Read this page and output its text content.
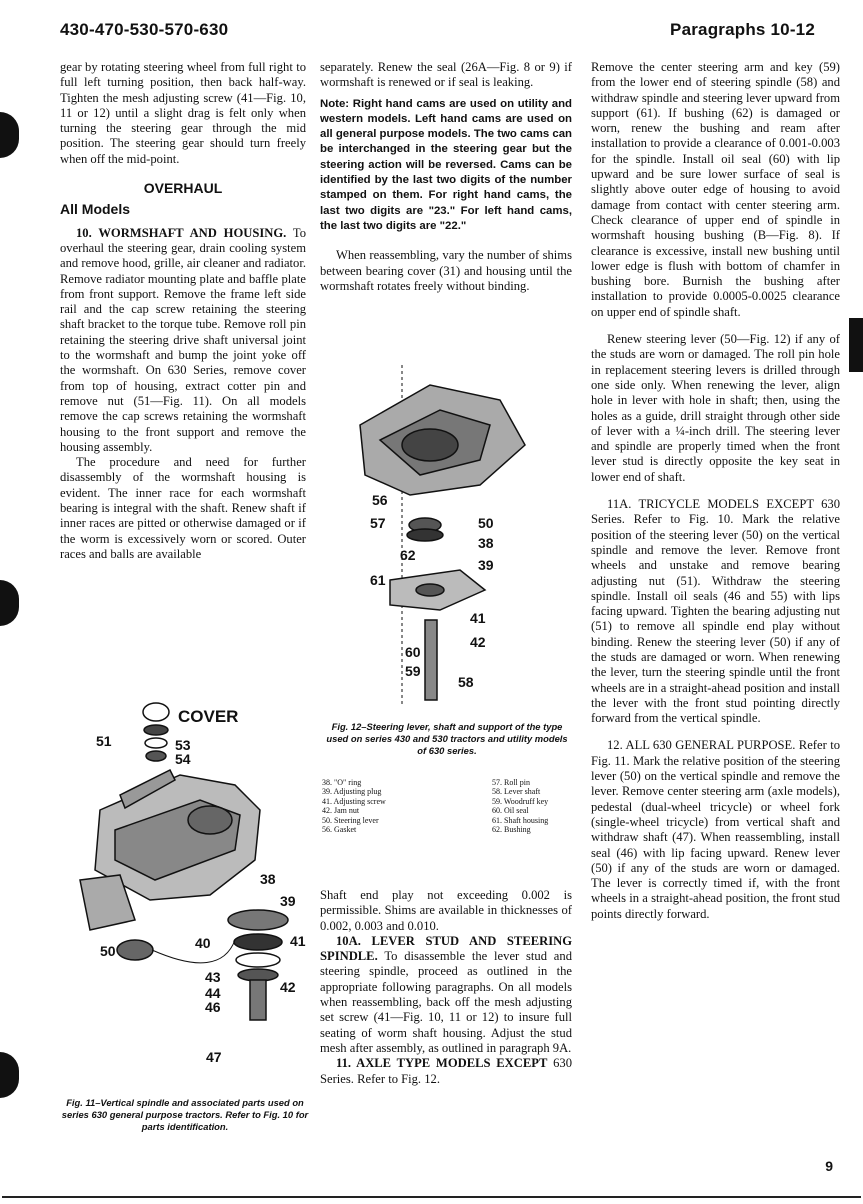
430-470-530-570-630	Paragraphs 10-12

gear by rotating steering wheel from full right to full left turning position, then back half-way. Tighten the mesh adjusting screw (41—Fig. 10, 11 or 12) until a slight drag is felt only when turning the steering gear through the mid position. The steering gear should turn freely when off the mid-point.

OVERHAUL
All Models

10. WORMSHAFT AND HOUSING. To overhaul the steering gear, drain cooling system and remove hood, grille, air cleaner and radiator. Remove radiator mounting plate and baffle plate from front support. Remove the frame left side rail and the cap screw retaining the steering shaft bracket to the torque tube. Remove roll pin retaining the steering drive shaft universal joint to the wormshaft and bump the joint yoke off the wormshaft. On 630 Series, remove cover from top of housing, extract cotter pin and remove nut (51—Fig. 11). On all models remove the cap screws retaining the wormshaft housing to the front support and remove the housing assembly.

The procedure and need for further disassembly of the wormshaft housing is evident. The inner race for each wormshaft bearing is integral with the shaft. Renew shaft if inner races are pitted or otherwise damaged or if the worm is excessively worn or scored. Outer races and balls are available

COVER
51	53
54
38
39
40	41
42
43
44
46
47
50
Fig. 11–Vertical spindle and associated parts used on series 630 general purpose tractors. Refer to Fig. 10 for parts identification.

separately. Renew the seal (26A—Fig. 8 or 9) if wormshaft is renewed or if seal is leaking.

Note: Right hand cams are used on utility and western models. Left hand cams are used on all general purpose models. The two cams can be interchanged in the steering gear but the steering action will be reversed. Cams can be identified by the last two digits of the number stamped on them. For right hand cams, the last two digits are "23." For left hand cams, the last two digits are "22."

When reassembling, vary the number of shims between bearing cover (31) and housing until the wormshaft rotates freely without binding.

56
57	50
38
62
39
61
41
42
60
59
58
Fig. 12–Steering lever, shaft and support of the type used on series 430 and 530 tractors and utility models of 630 series.
38. "O" ring
39. Adjusting plug
41. Adjusting screw
42. Jam nut
50. Steering lever
56. Gasket
57. Roll pin
58. Lever shaft
59. Woodruff key
60. Oil seal
61. Shaft housing
62. Bushing

Shaft end play not exceeding 0.002 is permissible. Shims are available in thicknesses of 0.002, 0.003 and 0.010.

10A. LEVER STUD AND STEERING SPINDLE. To disassemble the lever stud and steering spindle, proceed as outlined in the appropriate following paragraphs. On all models when reassembling, back off the mesh adjusting set screw (41—Fig. 10, 11 or 12) to insure full seating of worm shaft housing. Adjust the stud mesh after assembly, as outlined in paragraph 9A.

11. AXLE TYPE MODELS EXCEPT 630 Series. Refer to Fig. 12.

Remove the center steering arm and key (59) from the lower end of steering spindle (58) and withdraw spindle and steering lever upward from support (61). If bushing (62) is damaged or worn, renew the bushing and ream after installation to provide a clearance of 0.001-0.003 for the spindle. Install oil seal (60) with lip upward and be sure lower surface of seal is slightly above outer edge of housing to avoid damage from contact with center steering arm. Check clearance of upper end of spindle in wormshaft housing bushing (B—Fig. 8). If clearance is excessive, install new bushing until lower edge is flush with bottom of chamfer in bushing bore. Burnish the bushing after installation to provide 0.0005-0.0025 clearance on upper end of spindle shaft.

Renew steering lever (50—Fig. 12) if any of the studs are worn or damaged. The roll pin hole in replacement steering levers is drilled through one side only. When renewing the lever, align hole in lever with hole in shaft; then, using the holes as a guide, drill straight through other side of lever with a ¼-inch drill. The steering lever and spindle are properly timed when the front lever stud is directly opposite the key seat in lower end of shaft.

11A. TRICYCLE MODELS EXCEPT 630 Series. Refer to Fig. 10. Mark the relative position of the steering lever (50) on the vertical spindle and remove the lever. Remove front wheels and unstake and remove bearing adjusting nut (51). Withdraw the steering spindle. Install oil seals (46 and 55) with lips facing upward. Tighten the bearing adjusting nut (51) to remove all spindle end play without binding. Renew the steering lever (50) if any of the studs are damaged or worn. When renewing the lever, turn the steering spindle until the front wheels are in a straight-ahead position and install the lever with the front stud pointing directly forward from the vertical spindle.

12. ALL 630 GENERAL PURPOSE. Refer to Fig. 11. Mark the relative position of the steering lever (50) on the vertical spindle and remove the lever. Remove center steering arm (axle models), pedestal (dual-wheel tricycle) or wheel fork (single-wheel tricycle) from vertical shaft and withdraw shaft (47). When reassembling, install seal (46) with lip facing upward. Renew lever (50) if any of the studs are worn or damaged. The lever is correctly timed if, with the front wheels in a straight-ahead position, the front stud points directly forward.

9
